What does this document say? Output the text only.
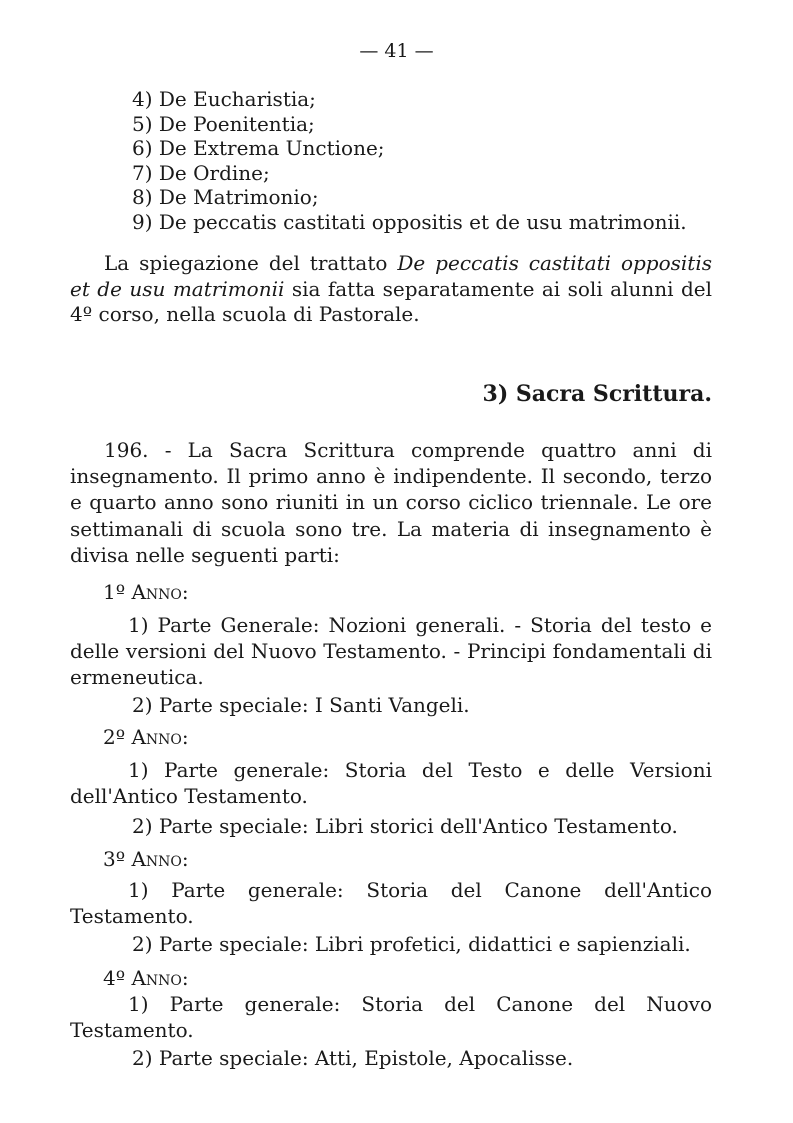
— 41 —
4) De Eucharistia;
5) De Poenitentia;
6) De Extrema Unctione;
7) De Ordine;
8) De Matrimonio;
9) De peccatis castitati oppositis et de usu matrimonii.
La spiegazione del trattato De peccatis castitati oppositis et de usu matrimonii sia fatta separatamente ai soli alunni del 4º corso, nella scuola di Pastorale.
3) Sacra Scrittura.
196. - La Sacra Scrittura comprende quattro anni di insegnamento. Il primo anno è indipendente. Il secondo, terzo e quarto anno sono riuniti in un corso ciclico triennale. Le ore settimanali di scuola sono tre. La materia di insegnamento è divisa nelle seguenti parti:
1º Anno:
1) Parte Generale: Nozioni generali. - Storia del testo e delle versioni del Nuovo Testamento. - Principi fondamentali di ermeneutica.
2) Parte speciale: I Santi Vangeli.
2º Anno:
1) Parte generale: Storia del Testo e delle Versioni dell'Antico Testamento.
2) Parte speciale: Libri storici dell'Antico Testamento.
3º Anno:
1) Parte generale: Storia del Canone dell'Antico Testamento.
2) Parte speciale: Libri profetici, didattici e sapienziali.
4º Anno:
1) Parte generale: Storia del Canone del Nuovo Testamento.
2) Parte speciale: Atti, Epistole, Apocalisse.
